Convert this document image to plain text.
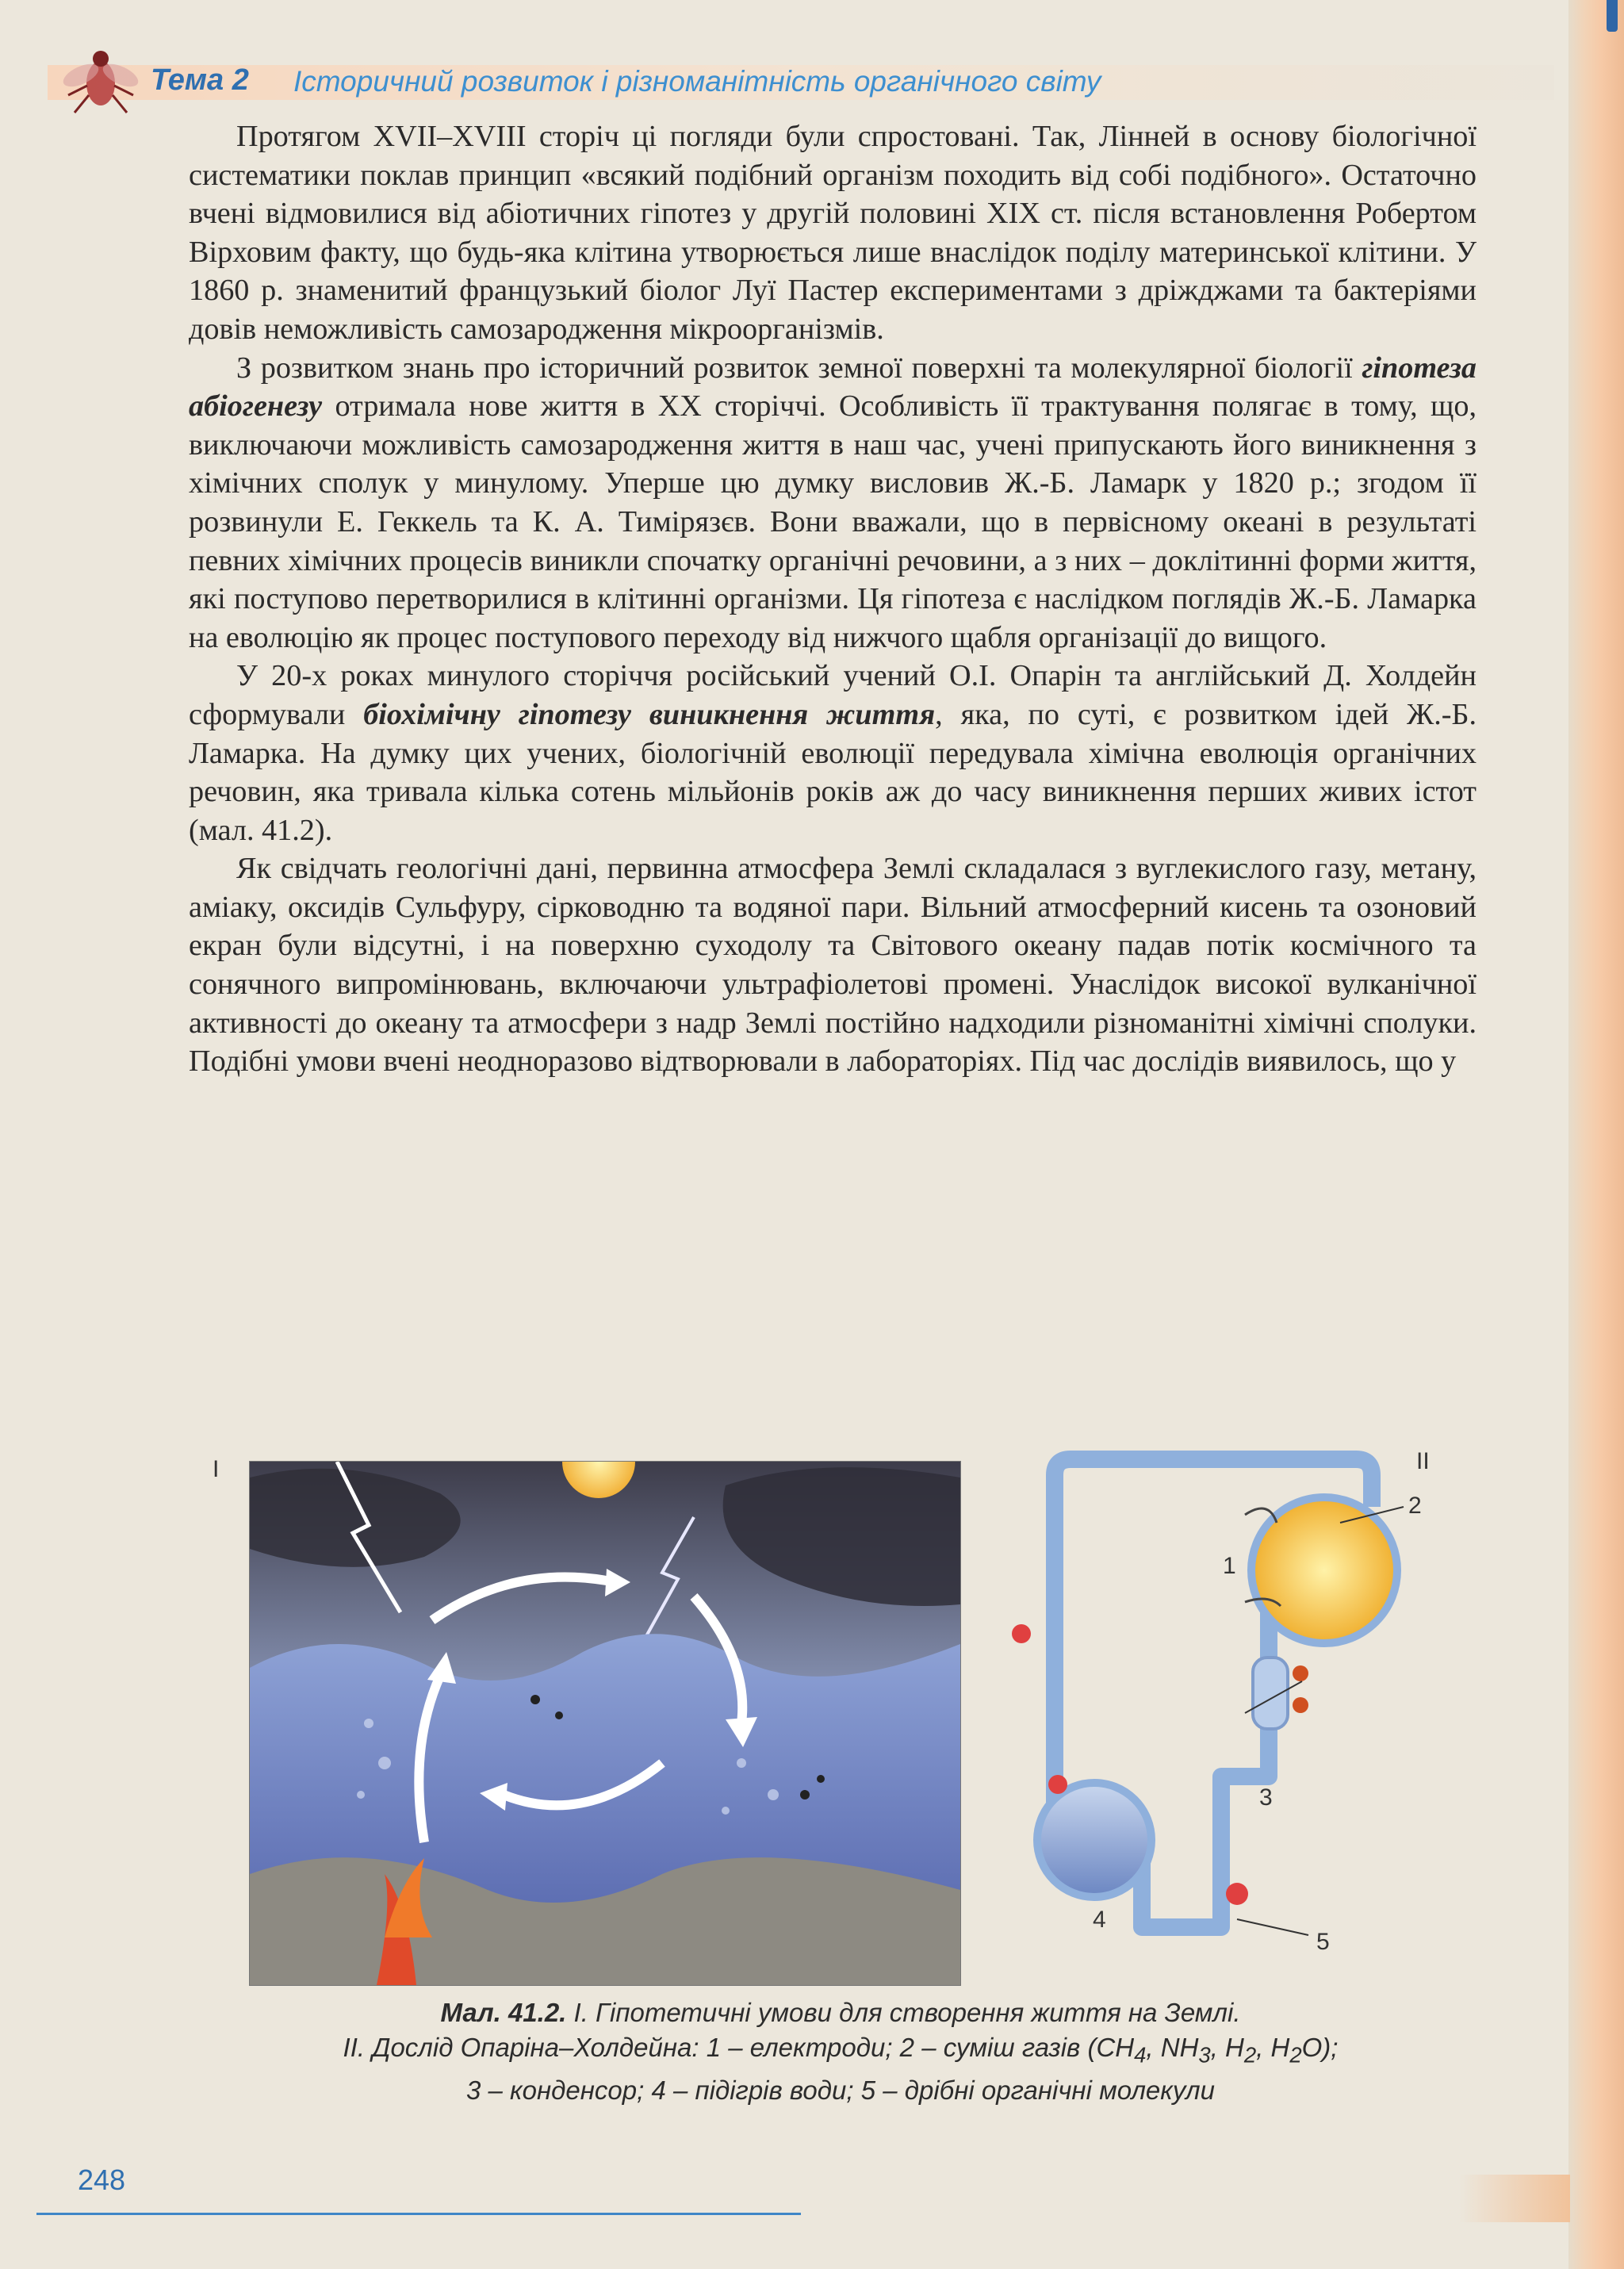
Тема 2 Історичний розвиток і різноманітність органічного світу

Протягом XVII–XVIII сторіч ці погляди були спростовані. Так, Лінней в основу біологічної систематики поклав принцип «всякий подібний організм походить від собі подібного». Остаточно вчені відмовилися від абіотичних гіпотез у другій половині XIX ст. після встановлення Робертом Вірховим факту, що будь-яка клітина утворюється лише внаслідок поділу материнської клітини. У 1860 р. знаменитий французький біолог Луї Пастер експериментами з дріжджами та бактеріями довів неможливість самозародження мікроорганізмів.

З розвитком знань про історичний розвиток земної поверхні та молекулярної біології гіпотеза абіогенезу отримала нове життя в XX сторіччі. Особливість її трактування полягає в тому, що, виключаючи можливість самозародження життя в наш час, учені припускають його виникнення з хімічних сполук у минулому. Уперше цю думку висловив Ж.-Б. Ламарк у 1820 р.; згодом її розвинули Е. Геккель та К. А. Тимірязєв. Вони вважали, що в первісному океані в результаті певних хімічних процесів виникли спочатку органічні речовини, а з них – доклітинні форми життя, які поступово перетворилися в клітинні організми. Ця гіпотеза є наслідком поглядів Ж.-Б. Ламарка на еволюцію як процес поступового переходу від нижчого щабля організації до вищого.

У 20-х роках минулого сторіччя російський учений О.І. Опарін та англійський Д. Холдейн сформували біохімічну гіпотезу виникнення життя, яка, по суті, є розвитком ідей Ж.-Б. Ламарка. На думку цих учених, біологічній еволюції передувала хімічна еволюція органічних речовин, яка тривала кілька сотень мільйонів років аж до часу виникнення перших живих істот (мал. 41.2).

Як свідчать геологічні дані, первинна атмосфера Землі складалася з вуглекислого газу, метану, аміаку, оксидів Сульфуру, сірководню та водяної пари. Вільний атмосферний кисень та озоновий екран були відсутні, і на поверхню суходолу та Світового океану падав потік космічного та сонячного випромінювань, включаючи ультрафіолетові промені. Унаслідок високої вулканічної активності до океану та атмосфери з надр Землі постійно надходили різноманітні хімічні сполуки. Подібні умови вчені неодноразово відтворювали в лабораторіях. Під час дослідів виявилось, що у

I	II
1
2
3
4
5
Мал. 41.2. I. Гіпотетичні умови для створення життя на Землі.
II. Дослід Опаріна–Холдейна: 1 – електроди; 2 – суміш газів ($CH_4$, $NH_3$, $H_2$, $H_2O$);
3 – конденсор; 4 – підігрів води; 5 – дрібні органічні молекули
248
